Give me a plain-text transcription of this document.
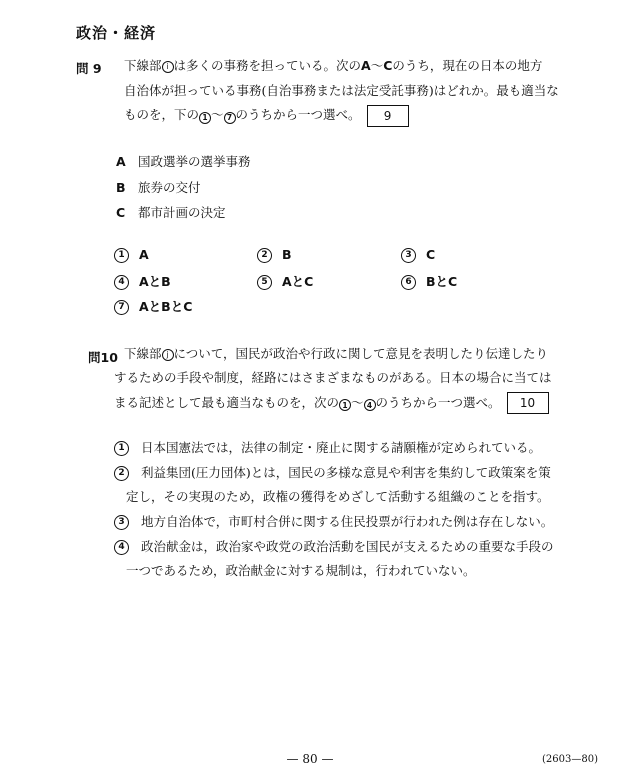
政治・経済
問 9 下線部 i は多くの事務を担っている。次のA～Cのうち，現在の日本の地方
自治体が担っている事務(自治事務または法定受託事務)はどれか。最も適当な
ものを，下の 1 ～ 7 のうちから一つ選べ。 9
A 国政選挙の選挙事務
B 旅券の交付
C 都市計画の決定
1 A	2 B	3 C
4 AとB	5 AとC	6 BとC
7 AとBとC
問10 下線部 j について，国民が政治や行政に関して意見を表明したり伝達したり
するための手段や制度，経路にはさまざまなものがある。日本の場合に当ては
まる記述として最も適当なものを，次の 1 ～ 4 のうちから一つ選べ。 10
1 日本国憲法では，法律の制定・廃止に関する請願権が定められている。
2 利益集団(圧力団体)とは，国民の多様な意見や利害を集約して政策案を策
定し，その実現のため，政権の獲得をめざして活動する組織のことを指す。
3 地方自治体で，市町村合併に関する住民投票が行われた例は存在しない。
4 政治献金は，政治家や政党の政治活動を国民が支えるための重要な手段の
一つであるため，政治献金に対する規制は，行われていない。
— 80 —	(2603—80)
